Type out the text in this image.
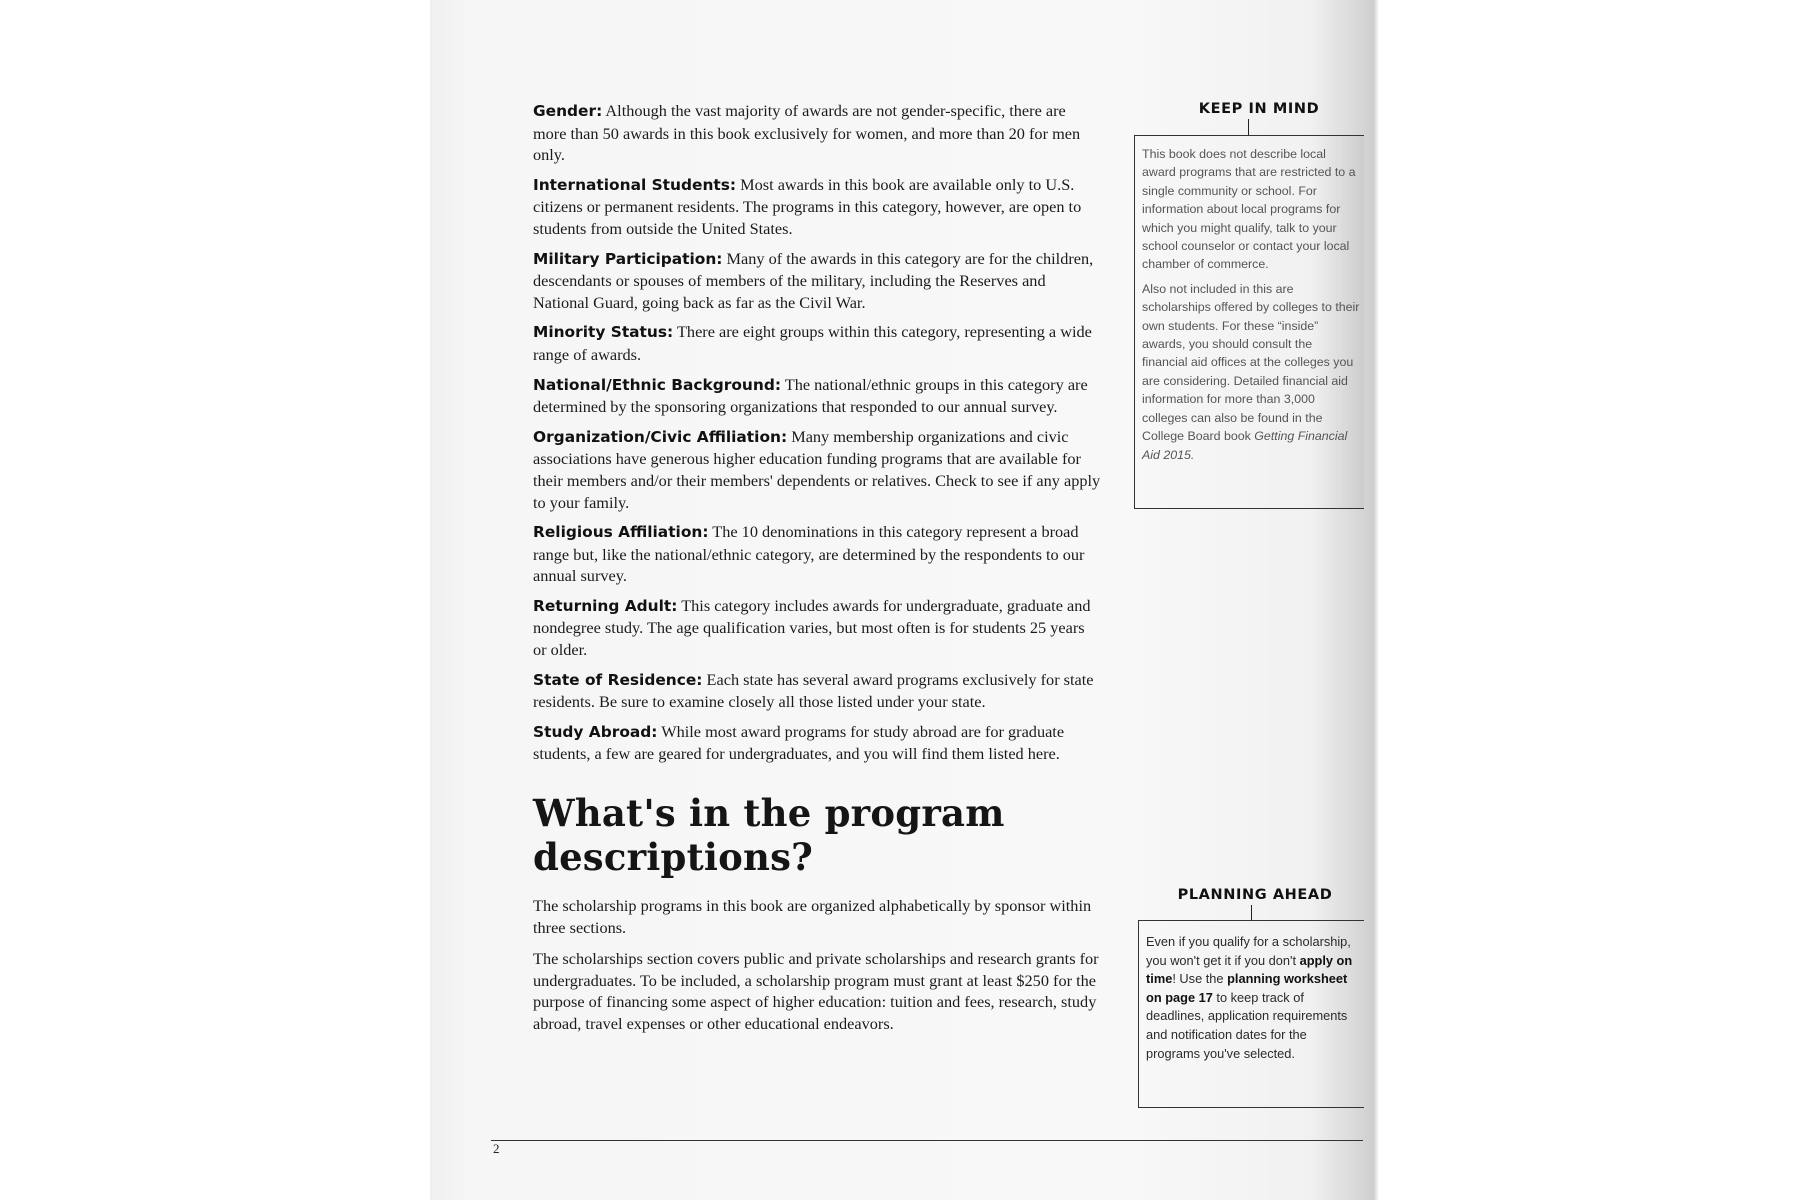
Gender: Although the vast majority of awards are not gender-specific, there are more than 50 awards in this book exclusively for women, and more than 20 for men only.
International Students: Most awards in this book are available only to U.S. citizens or permanent residents. The programs in this category, however, are open to students from outside the United States.
Military Participation: Many of the awards in this category are for the children, descendants or spouses of members of the military, including the Reserves and National Guard, going back as far as the Civil War.
Minority Status: There are eight groups within this category, representing a wide range of awards.
National/Ethnic Background: The national/ethnic groups in this category are determined by the sponsoring organizations that responded to our annual survey.
Organization/Civic Affiliation: Many membership organizations and civic associations have generous higher education funding programs that are available for their members and/or their members' dependents or relatives. Check to see if any apply to your family.
Religious Affiliation: The 10 denominations in this category represent a broad range but, like the national/ethnic category, are determined by the respondents to our annual survey.
Returning Adult: This category includes awards for undergraduate, graduate and nondegree study. The age qualification varies, but most often is for students 25 years or older.
State of Residence: Each state has several award programs exclusively for state residents. Be sure to examine closely all those listed under your state.
Study Abroad: While most award programs for study abroad are for graduate students, a few are geared for undergraduates, and you will find them listed here.
What's in the program descriptions?
The scholarship programs in this book are organized alphabetically by sponsor within three sections.
The scholarships section covers public and private scholarships and research grants for undergraduates. To be included, a scholarship program must grant at least $250 for the purpose of financing some aspect of higher education: tuition and fees, research, study abroad, travel expenses or other educational endeavors.
KEEP IN MIND

This book does not describe local award programs that are restricted to a single community or school. For information about local programs for which you might qualify, talk to your school counselor or contact your local chamber of commerce.

Also not included in this are scholarships offered by colleges to their own students. For these “inside” awards, you should consult the financial aid offices at the colleges you are considering. Detailed financial aid information for more than 3,000 colleges can also be found in the College Board book Getting Financial Aid 2015.

PLANNING AHEAD
Even if you qualify for a scholarship, you won't get it if you don't apply on time! Use the planning worksheet on page 17 to keep track of deadlines, application requirements and notification dates for the programs you've selected.
2
